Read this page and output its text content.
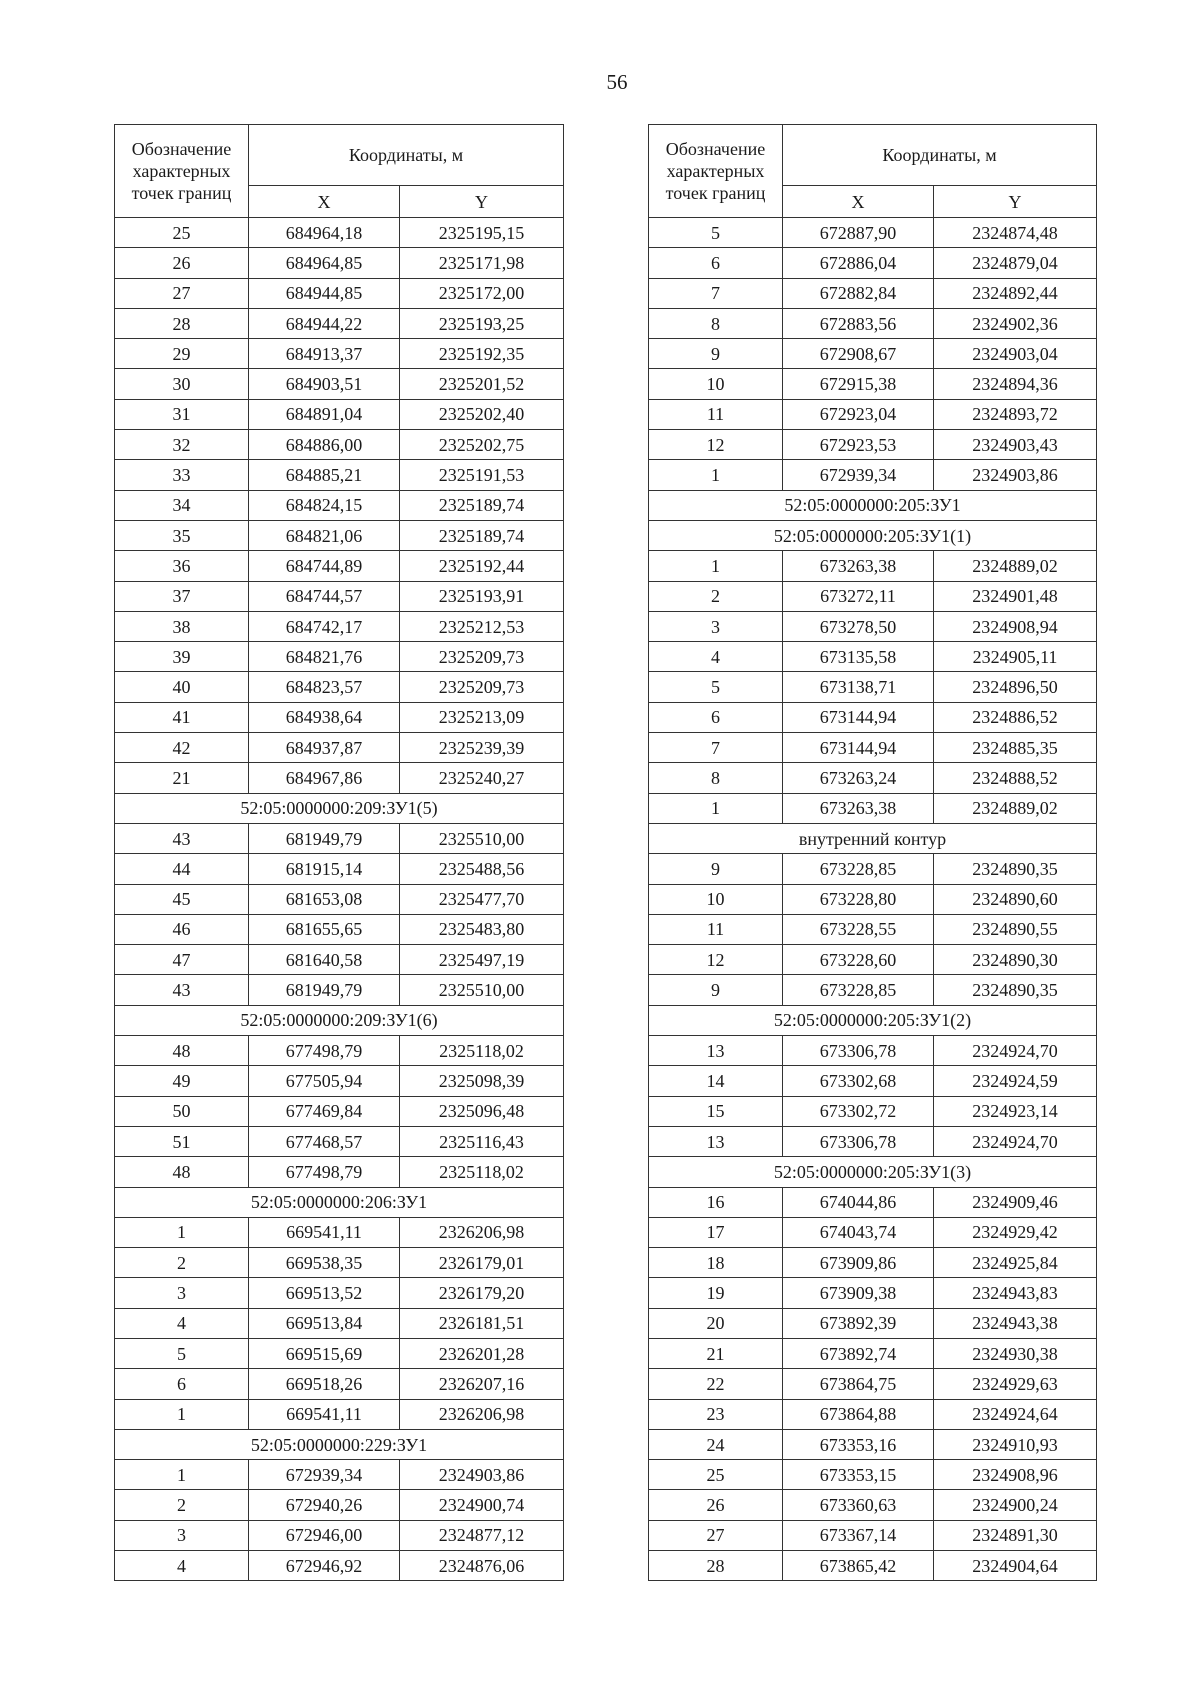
56
Обозначение характерных точек границ	Координаты, м	
	X	Y
25	684964,18	2325195,15
26	684964,85	2325171,98
27	684944,85	2325172,00
28	684944,22	2325193,25
29	684913,37	2325192,35
30	684903,51	2325201,52
31	684891,04	2325202,40
32	684886,00	2325202,75
33	684885,21	2325191,53
34	684824,15	2325189,74
35	684821,06	2325189,74
36	684744,89	2325192,44
37	684744,57	2325193,91
38	684742,17	2325212,53
39	684821,76	2325209,73
40	684823,57	2325209,73
41	684938,64	2325213,09
42	684937,87	2325239,39
21	684967,86	2325240,27
52:05:0000000:209:ЗУ1(5)		
43	681949,79	2325510,00
44	681915,14	2325488,56
45	681653,08	2325477,70
46	681655,65	2325483,80
47	681640,58	2325497,19
43	681949,79	2325510,00
52:05:0000000:209:ЗУ1(6)		
48	677498,79	2325118,02
49	677505,94	2325098,39
50	677469,84	2325096,48
51	677468,57	2325116,43
48	677498,79	2325118,02
52:05:0000000:206:ЗУ1		
1	669541,11	2326206,98
2	669538,35	2326179,01
3	669513,52	2326179,20
4	669513,84	2326181,51
5	669515,69	2326201,28
6	669518,26	2326207,16
1	669541,11	2326206,98
52:05:0000000:229:ЗУ1		
1	672939,34	2324903,86
2	672940,26	2324900,74
3	672946,00	2324877,12
4	672946,92	2324876,06
Обозначение характерных точек границ	Координаты, м	
	X	Y
5	672887,90	2324874,48
6	672886,04	2324879,04
7	672882,84	2324892,44
8	672883,56	2324902,36
9	672908,67	2324903,04
10	672915,38	2324894,36
11	672923,04	2324893,72
12	672923,53	2324903,43
1	672939,34	2324903,86
52:05:0000000:205:ЗУ1		
52:05:0000000:205:ЗУ1(1)		
1	673263,38	2324889,02
2	673272,11	2324901,48
3	673278,50	2324908,94
4	673135,58	2324905,11
5	673138,71	2324896,50
6	673144,94	2324886,52
7	673144,94	2324885,35
8	673263,24	2324888,52
1	673263,38	2324889,02
внутренний контур		
9	673228,85	2324890,35
10	673228,80	2324890,60
11	673228,55	2324890,55
12	673228,60	2324890,30
9	673228,85	2324890,35
52:05:0000000:205:ЗУ1(2)		
13	673306,78	2324924,70
14	673302,68	2324924,59
15	673302,72	2324923,14
13	673306,78	2324924,70
52:05:0000000:205:ЗУ1(3)		
16	674044,86	2324909,46
17	674043,74	2324929,42
18	673909,86	2324925,84
19	673909,38	2324943,83
20	673892,39	2324943,38
21	673892,74	2324930,38
22	673864,75	2324929,63
23	673864,88	2324924,64
24	673353,16	2324910,93
25	673353,15	2324908,96
26	673360,63	2324900,24
27	673367,14	2324891,30
28	673865,42	2324904,64
